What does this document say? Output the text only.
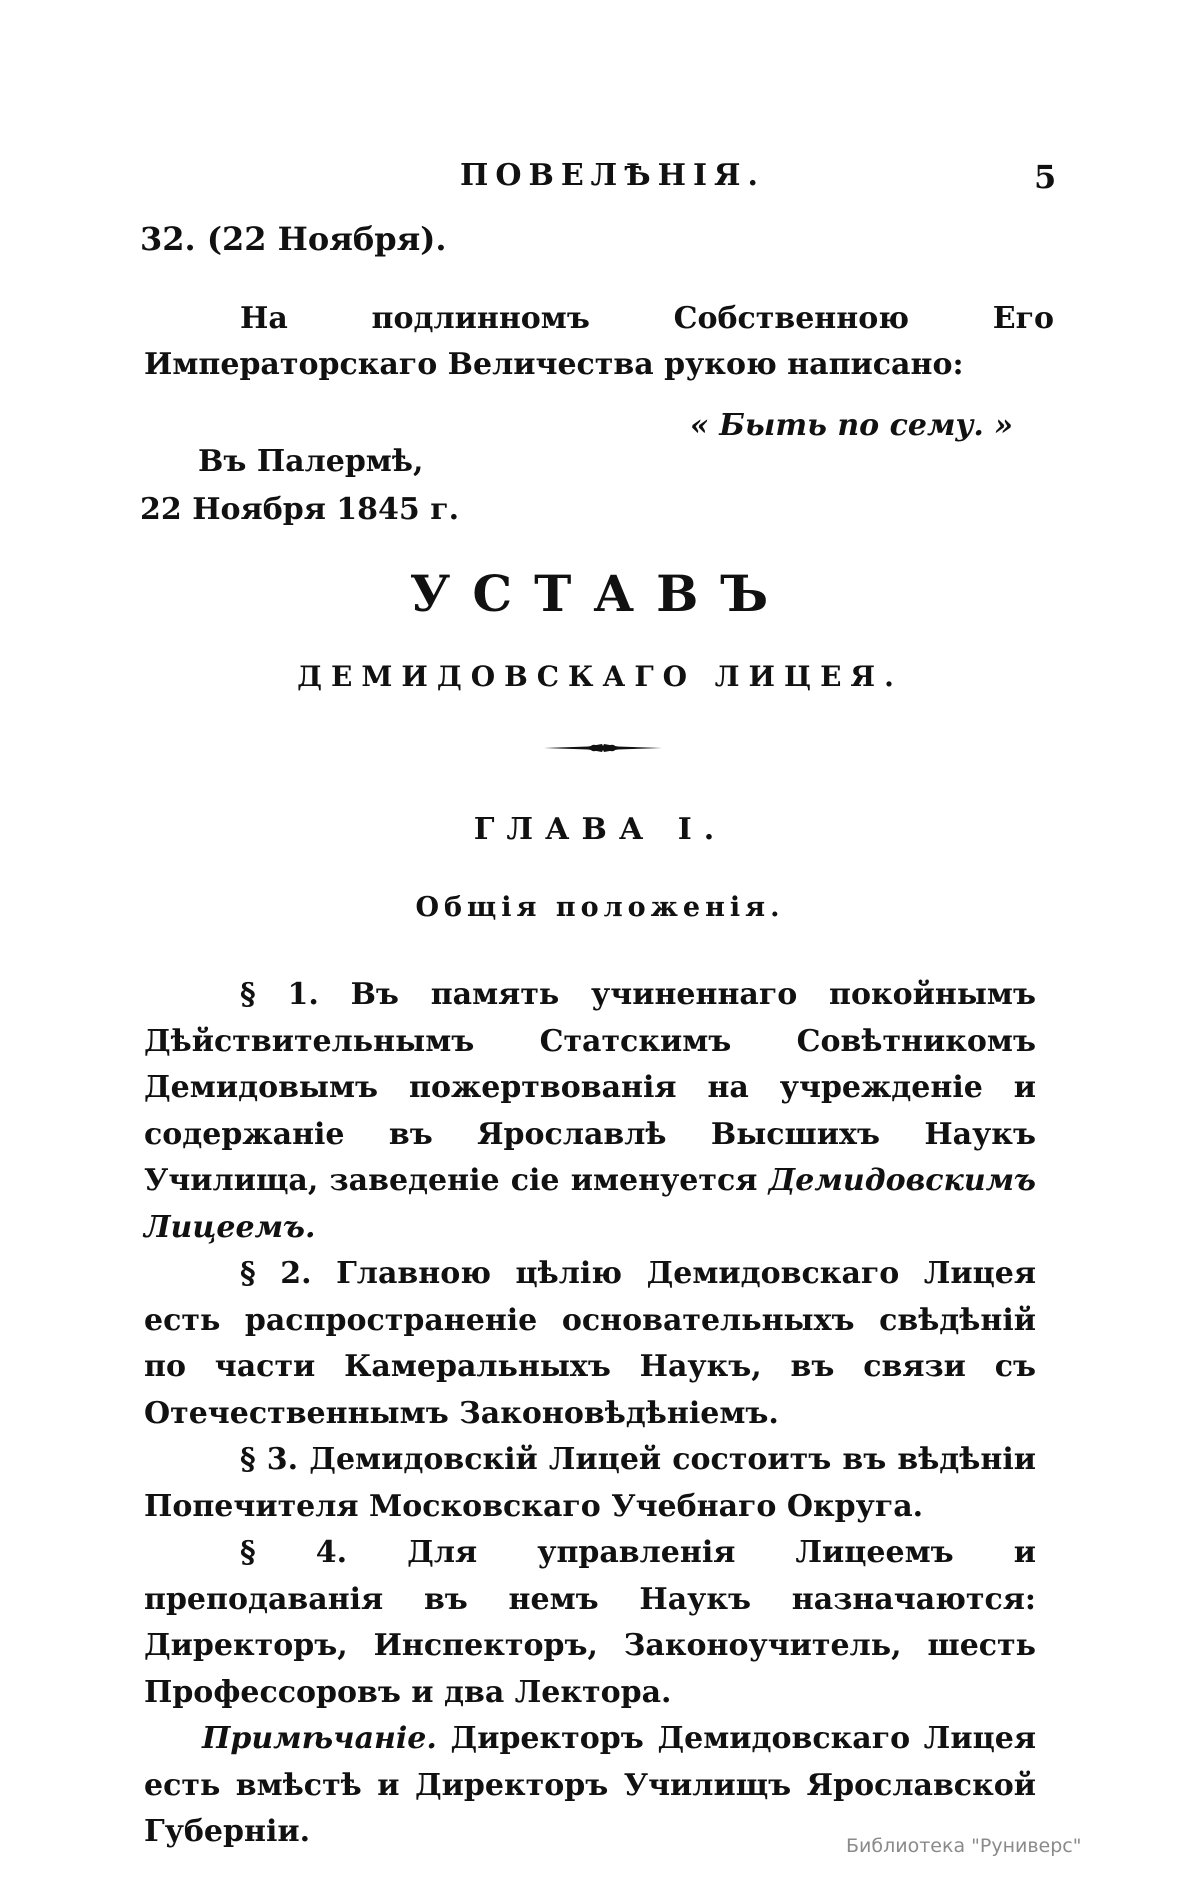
ПОВЕЛѢНІЯ.	5
32. (22 Ноября).
На подлинномъ Собственною Его Императорскаго Величества рукою написано:
« Быть по сему. »
Въ Палермѣ,
22 Ноября 1845 г.
УСТАВЪ
ДЕМИДОВСКАГО ЛИЦЕЯ.
ГЛАВА I.
Общія положенія.

§ 1. Въ память учиненнаго покойнымъ Дѣйствительнымъ Статскимъ Совѣтникомъ Демидовымъ пожертвованія на учрежденіе и содержаніе въ Ярославлѣ Высшихъ Наукъ Училища, заведеніе сіе именуется Демидовскимъ Лицеемъ.

§ 2. Главною цѣлію Демидовскаго Лицея есть распространеніе основательныхъ свѣдѣній по части Камеральныхъ Наукъ, въ связи съ Отечественнымъ Законовѣдѣніемъ.

§ 3. Демидовскій Лицей состоитъ въ вѣдѣніи Попечителя Московскаго Учебнаго Округа.

§ 4. Для управленія Лицеемъ и преподаванія въ немъ Наукъ назначаются: Директоръ, Инспекторъ, Законоучитель, шесть Профессоровъ и два Лектора.

Примѣчаніе. Директоръ Демидовскаго Лицея есть вмѣстѣ и Директоръ Училищъ Ярославской Губерніи.	Библиотека "Руниверс"
